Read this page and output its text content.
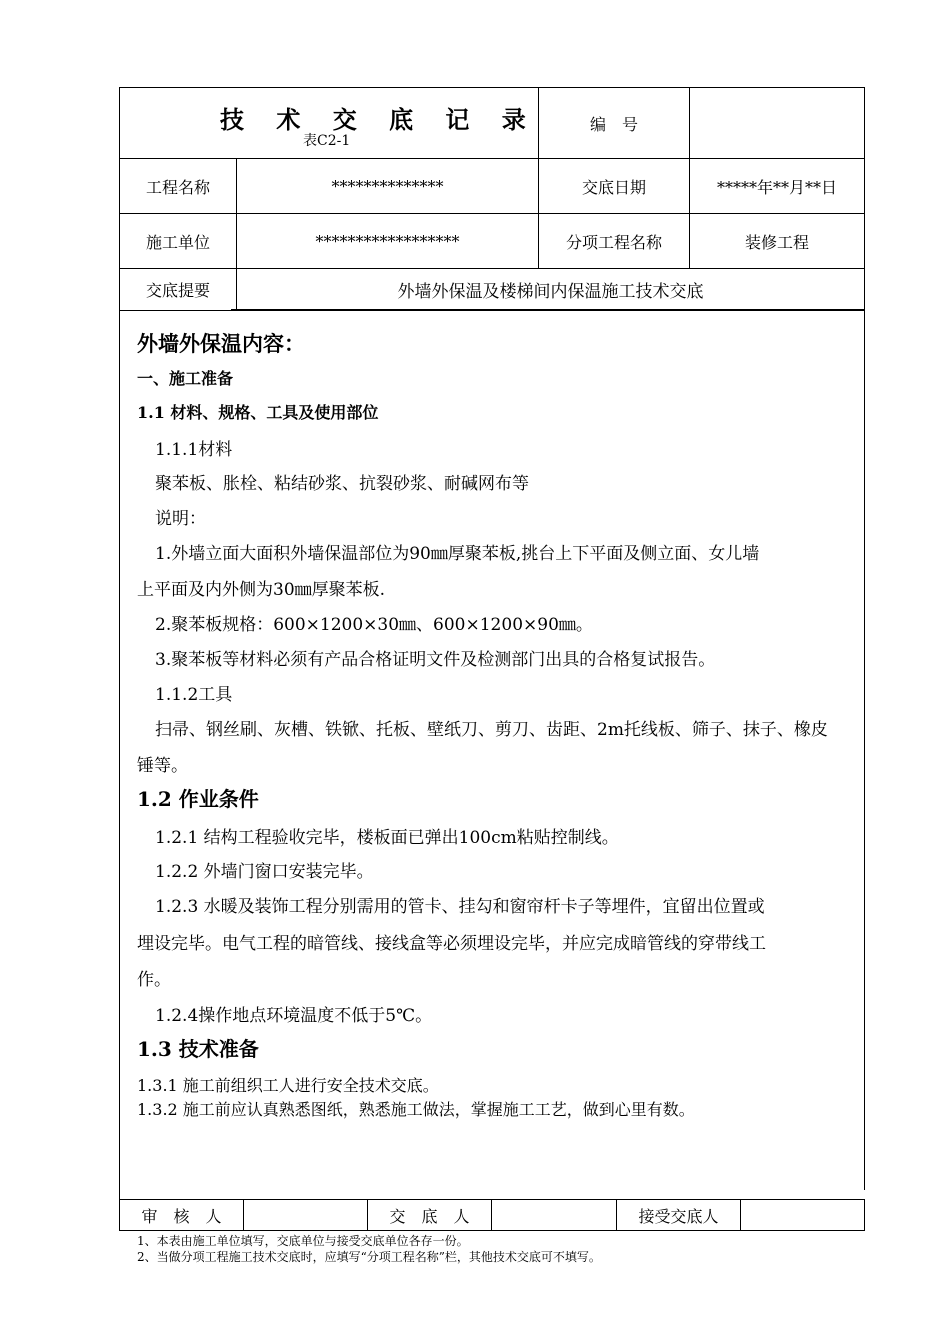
技 术 交 底 记 录
表C2-1
编　号
工程名称	**************	交底日期	*****年**月**日
施工单位	******************	分项工程名称	装修工程
交底提要	外墙外保温及楼梯间内保温施工技术交底
外墙外保温内容：
一、施工准备
1.1 材料、规格、工具及使用部位
1.1.1材料
聚苯板、胀栓、粘结砂浆、抗裂砂浆、耐碱网布等
说明：
1.外墙立面大面积外墙保温部位为90㎜厚聚苯板,挑台上下平面及侧立面、女儿墙
上平面及内外侧为30㎜厚聚苯板.
2.聚苯板规格：600×1200×30㎜、600×1200×90㎜。
3.聚苯板等材料必须有产品合格证明文件及检测部门出具的合格复试报告。
1.1.2工具
扫帚、钢丝刷、灰槽、铁锨、托板、壁纸刀、剪刀、齿距、2m托线板、筛子、抹子、橡皮
锤等。
1.2 作业条件
1.2.1 结构工程验收完毕，楼板面已弹出100cm粘贴控制线。
1.2.2 外墙门窗口安装完毕。
1.2.3 水暖及装饰工程分别需用的管卡、挂勾和窗帘杆卡子等埋件，宜留出位置或
埋设完毕。电气工程的暗管线、接线盒等必须埋设完毕，并应完成暗管线的穿带线工
作。
1.2.4操作地点环境温度不低于5℃。
1.3 技术准备
1.3.1 施工前组织工人进行安全技术交底。
1.3.2 施工前应认真熟悉图纸，熟悉施工做法，掌握施工工艺，做到心里有数。
审　核　人	交　底　人	接受交底人
1、本表由施工单位填写，交底单位与接受交底单位各存一份。
2、当做分项工程施工技术交底时，应填写“分项工程名称”栏，其他技术交底可不填写。
